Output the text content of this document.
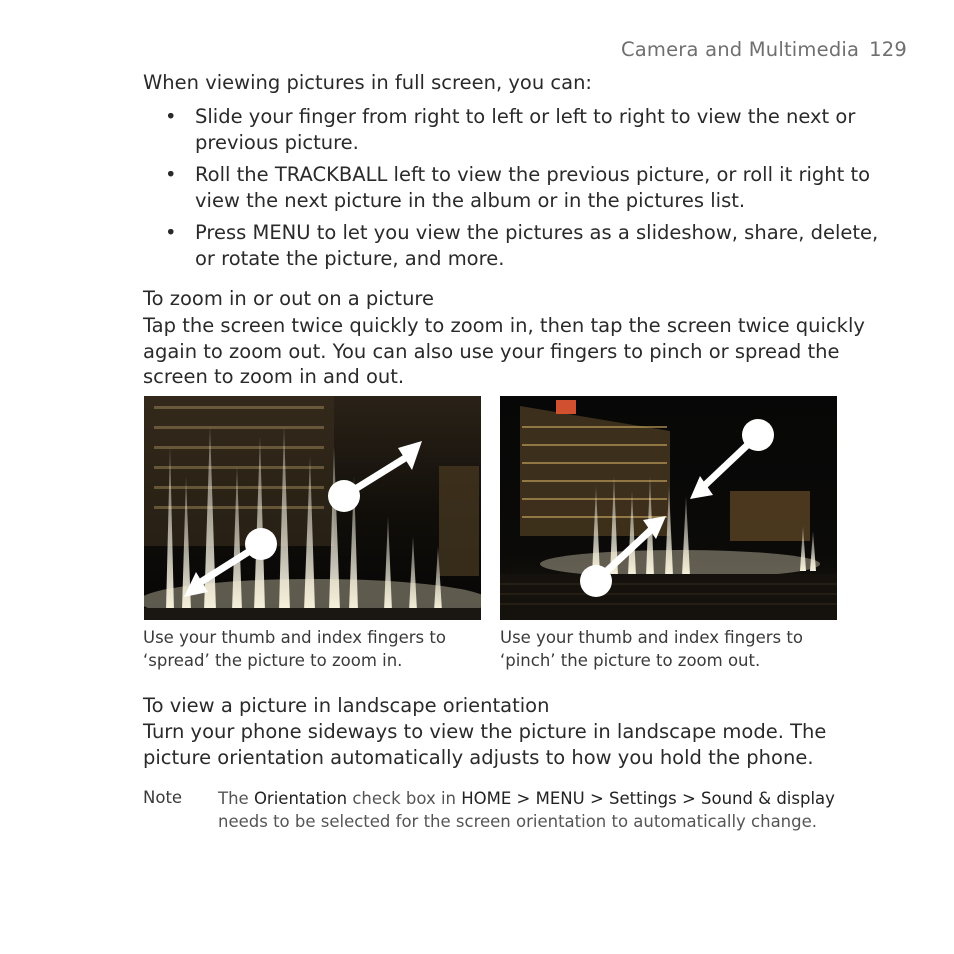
Camera and Multimedia 129
When viewing pictures in full screen, you can:
• Slide your finger from right to left or left to right to view the next or previous picture.
• Roll the TRACKBALL left to view the previous picture, or roll it right to view the next picture in the album or in the pictures list.
• Press MENU to let you view the pictures as a slideshow, share, delete, or rotate the picture, and more.
To zoom in or out on a picture
Tap the screen twice quickly to zoom in, then tap the screen twice quickly again to zoom out. You can also use your fingers to pinch or spread the screen to zoom in and out.
Use your thumb and index fingers to ‘spread’ the picture to zoom in.
Use your thumb and index fingers to ‘pinch’ the picture to zoom out.
To view a picture in landscape orientation
Turn your phone sideways to view the picture in landscape mode. The picture orientation automatically adjusts to how you hold the phone.
Note The Orientation check box in HOME > MENU > Settings > Sound & display needs to be selected for the screen orientation to automatically change.
